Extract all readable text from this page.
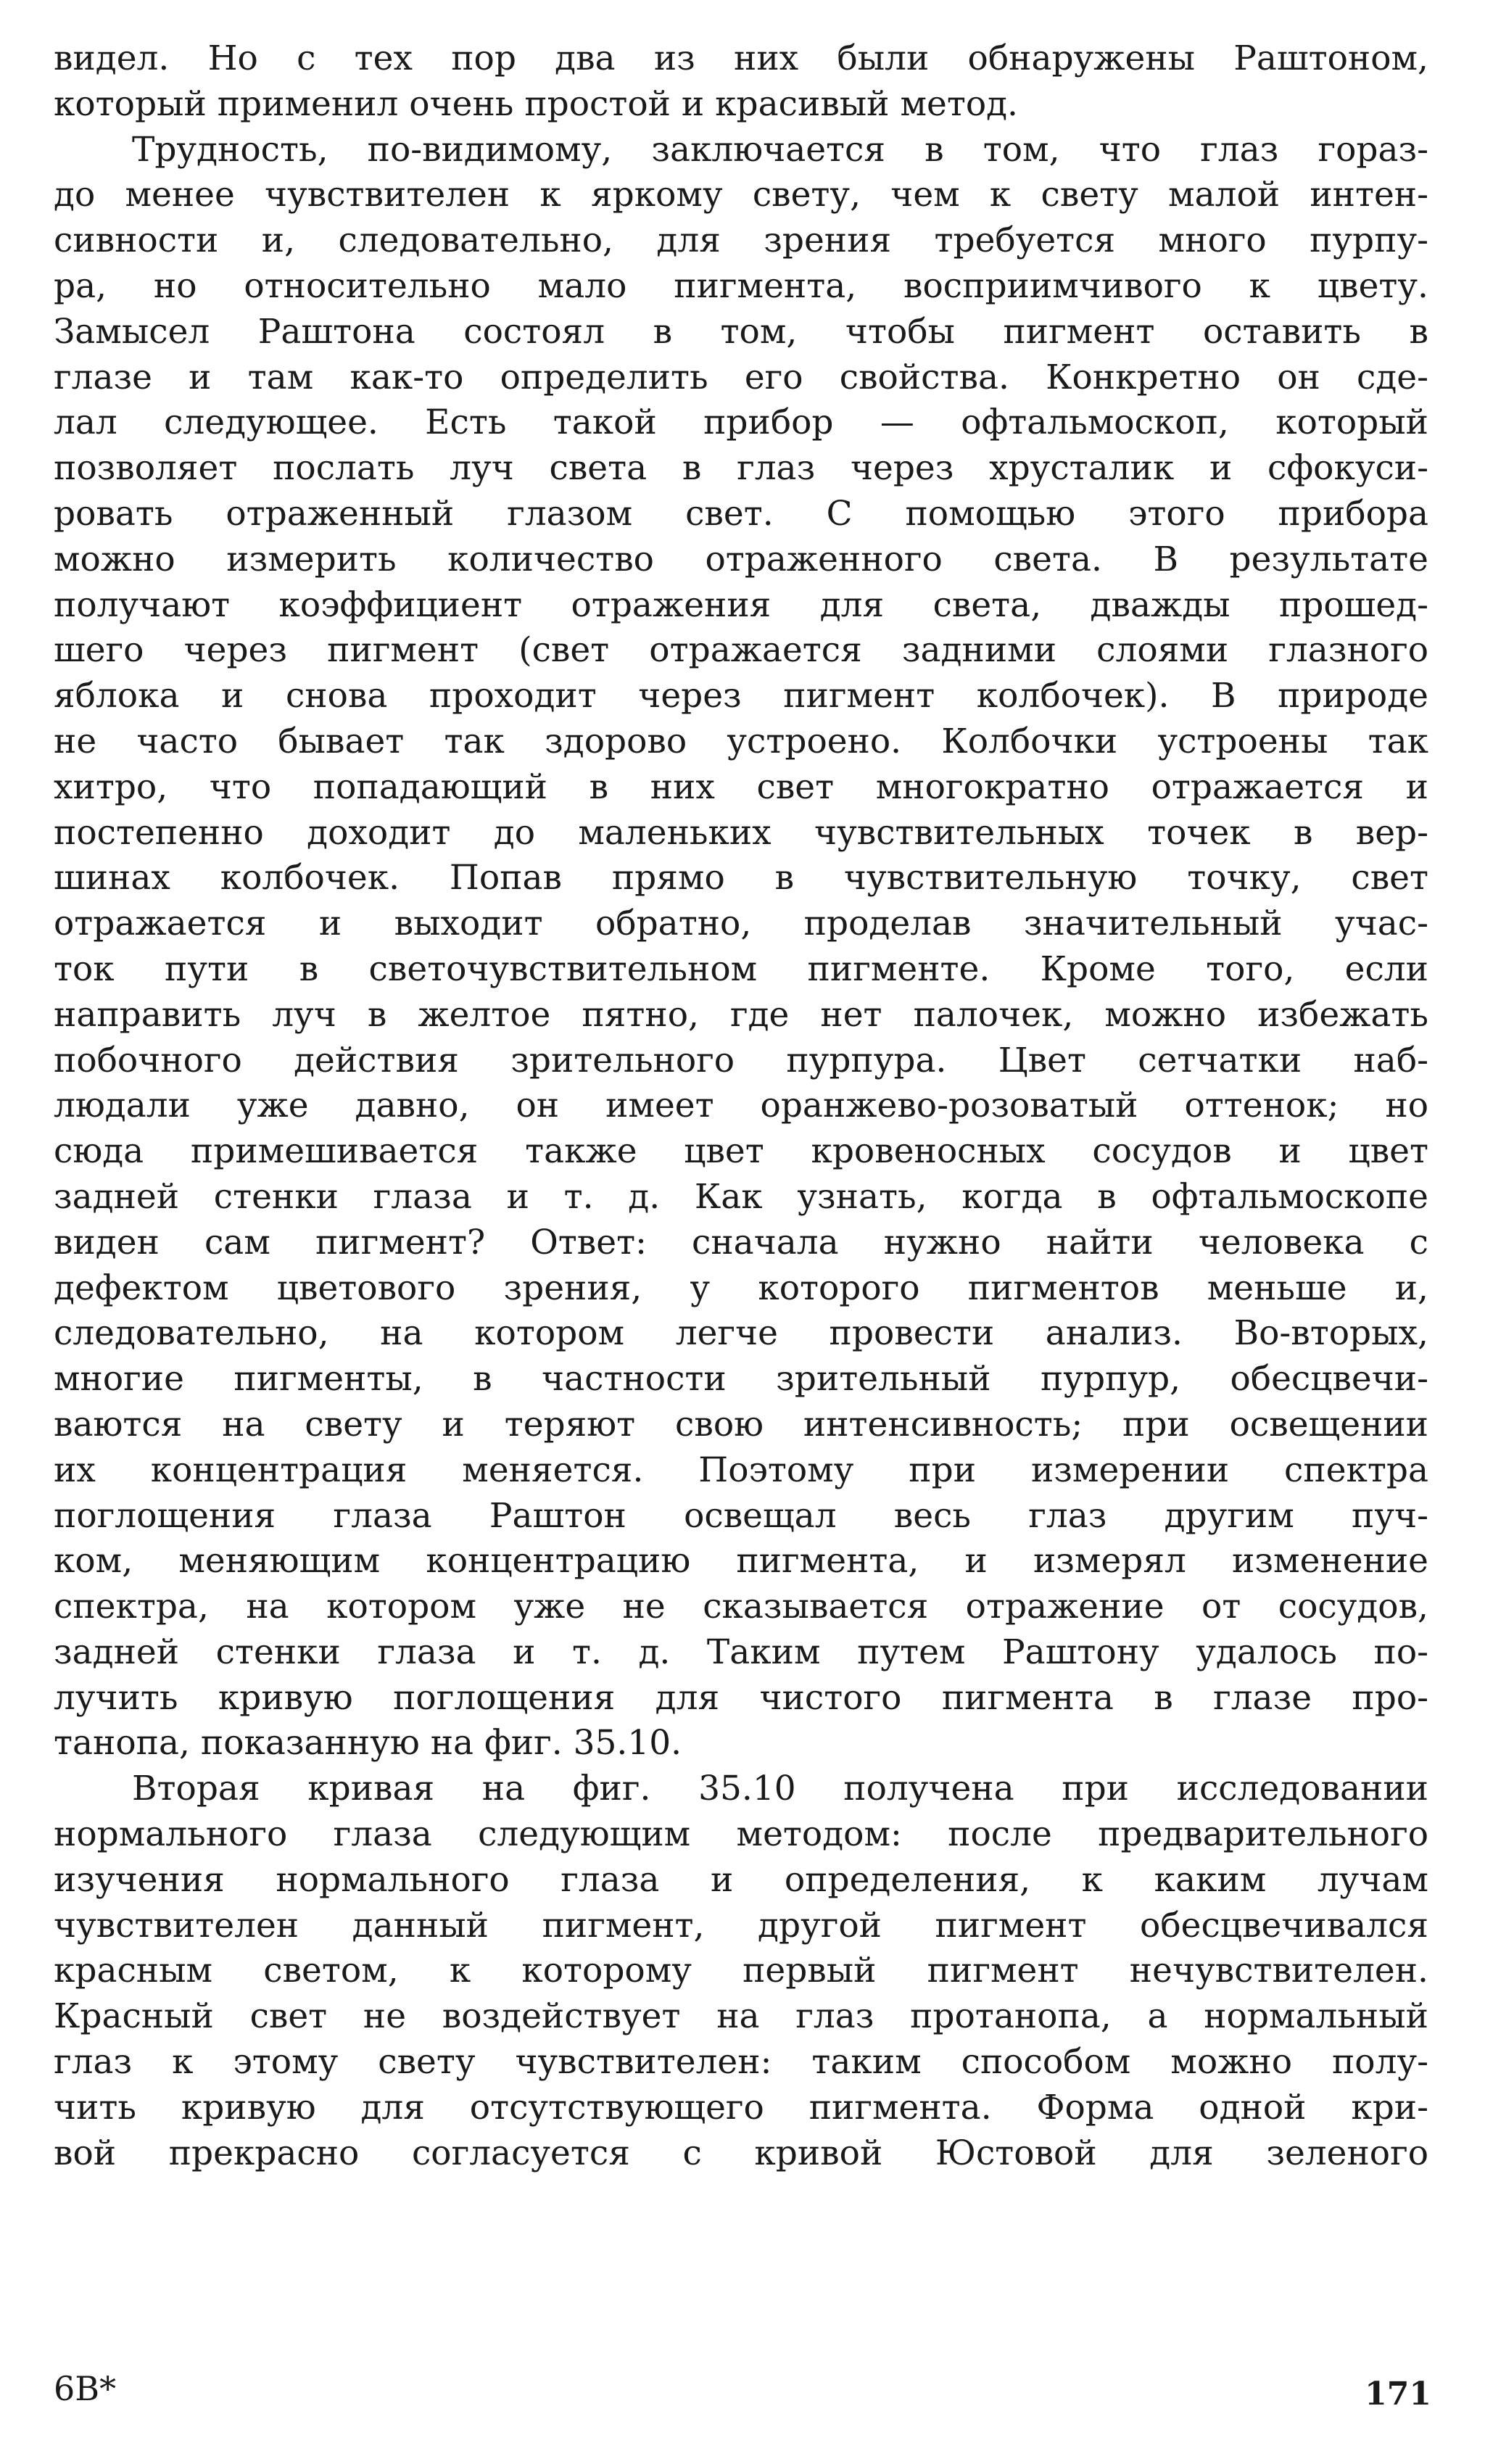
видел. Но с тех пор два из них были обнаружены Раштоном,
который применил очень простой и красивый метод.
Трудность, по-видимому, заключается в том, что глаз гораз-
до менее чувствителен к яркому свету, чем к свету малой интен-
сивности и, следовательно, для зрения требуется много пурпу-
ра, но относительно мало пигмента, восприимчивого к цвету.
Замысел Раштона состоял в том, чтобы пигмент оставить в
глазе и там как-то определить его свойства. Конкретно он сде-
лал следующее. Есть такой прибор — офтальмоскоп, который
позволяет послать луч света в глаз через хрусталик и сфокуси-
ровать отраженный глазом свет. С помощью этого прибора
можно измерить количество отраженного света. В результате
получают коэффициент отражения для света, дважды прошед-
шего через пигмент (свет отражается задними слоями глазного
яблока и снова проходит через пигмент колбочек). В природе
не часто бывает так здорово устроено. Колбочки устроены так
хитро, что попадающий в них свет многократно отражается и
постепенно доходит до маленьких чувствительных точек в вер-
шинах колбочек. Попав прямо в чувствительную точку, свет
отражается и выходит обратно, проделав значительный учас-
ток пути в светочувствительном пигменте. Кроме того, если
направить луч в желтое пятно, где нет палочек, можно избежать
побочного действия зрительного пурпура. Цвет сетчатки наб-
людали уже давно, он имеет оранжево-розоватый оттенок; но
сюда примешивается также цвет кровеносных сосудов и цвет
задней стенки глаза и т. д. Как узнать, когда в офтальмоскопе
виден сам пигмент? Ответ: сначала нужно найти человека с
дефектом цветового зрения, у которого пигментов меньше и,
следовательно, на котором легче провести анализ. Во-вторых,
многие пигменты, в частности зрительный пурпур, обесцвечи-
ваются на свету и теряют свою интенсивность; при освещении
их концентрация меняется. Поэтому при измерении спектра
поглощения глаза Раштон освещал весь глаз другим пуч-
ком, меняющим концентрацию пигмента, и измерял изменение
спектра, на котором уже не сказывается отражение от сосудов,
задней стенки глаза и т. д. Таким путем Раштону удалось по-
лучить кривую поглощения для чистого пигмента в глазе про-
танопа, показанную на фиг. 35.10.
Вторая кривая на фиг. 35.10 получена при исследовании
нормального глаза следующим методом: после предварительного
изучения нормального глаза и определения, к каким лучам
чувствителен данный пигмент, другой пигмент обесцвечивался
красным светом, к которому первый пигмент нечувствителен.
Красный свет не воздействует на глаз протанопа, а нормальный
глаз к этому свету чувствителен: таким способом можно полу-
чить кривую для отсутствующего пигмента. Форма одной кри-
вой прекрасно согласуется с кривой Юстовой для зеленого
6В*	171
